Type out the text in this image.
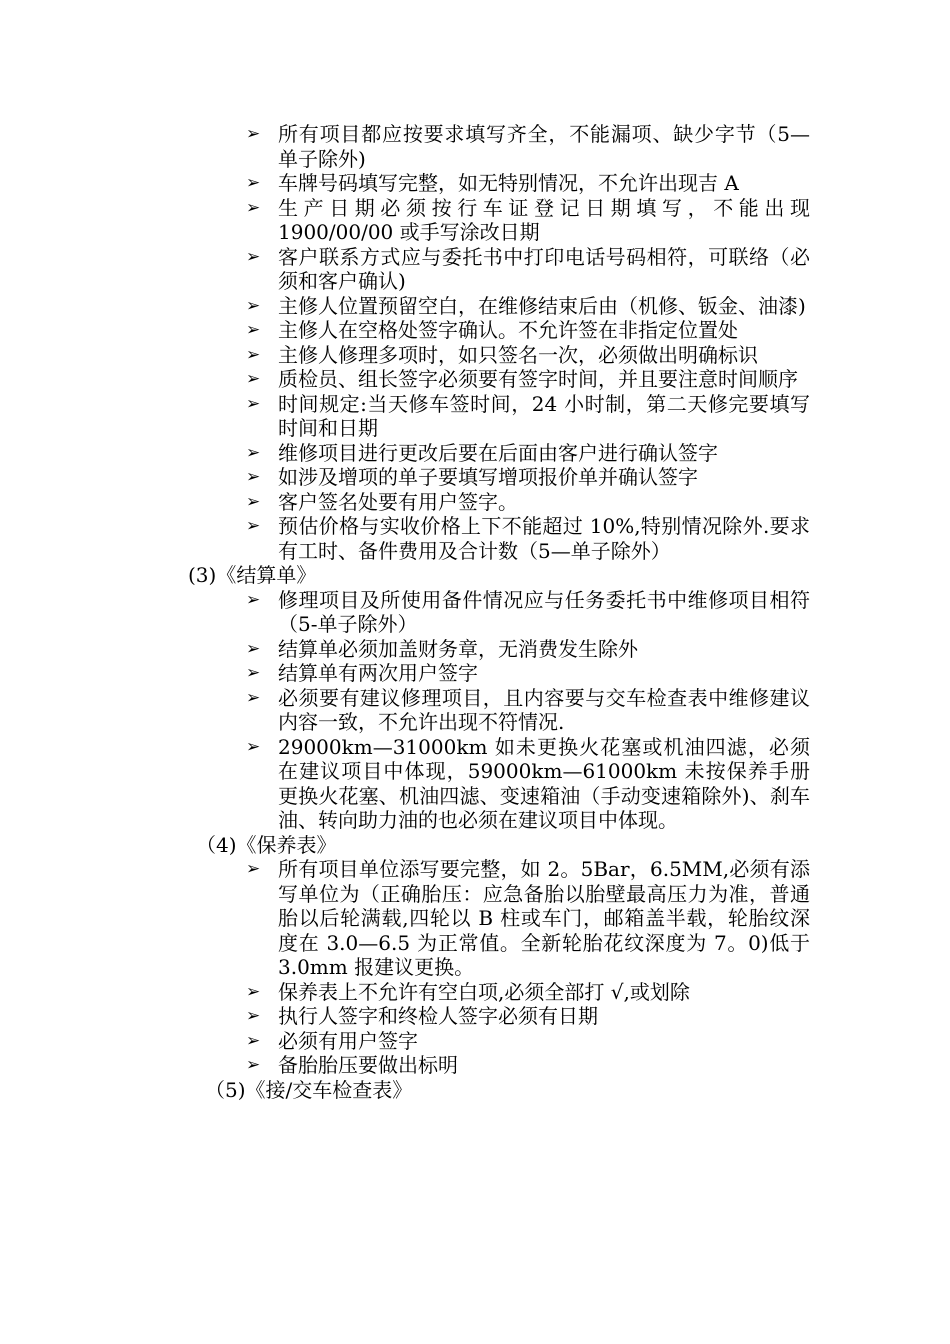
➢ 所有项目都应按要求填写齐全，不能漏项、缺少字节（5—单子除外)
➢ 车牌号码填写完整，如无特别情况，不允许出现吉 A
➢ 生产日期必须按行车证登记日期填写，不能出现 1900/00/00 或手写涂改日期
➢ 客户联系方式应与委托书中打印电话号码相符，可联络（必须和客户确认)
➢ 主修人位置预留空白，在维修结束后由（机修、钣金、油漆)
➢ 主修人在空格处签字确认。不允许签在非指定位置处
➢ 主修人修理多项时，如只签名一次，必须做出明确标识
➢ 质检员、组长签字必须要有签字时间，并且要注意时间顺序
➢ 时间规定:当天修车签时间，24 小时制，第二天修完要填写时间和日期
➢ 维修项目进行更改后要在后面由客户进行确认签字
➢ 如涉及增项的单子要填写增项报价单并确认签字
➢ 客户签名处要有用户签字。
➢ 预估价格与实收价格上下不能超过 10%,特别情况除外.要求有工时、备件费用及合计数（5—单子除外）
(3)《结算单》
➢ 修理项目及所使用备件情况应与任务委托书中维修项目相符（5-单子除外）
➢ 结算单必须加盖财务章，无消费发生除外
➢ 结算单有两次用户签字
➢ 必须要有建议修理项目，且内容要与交车检查表中维修建议内容一致，不允许出现不符情况.
➢ 29000km—31000km 如未更换火花塞或机油四滤，必须在建议项目中体现，59000km—61000km 未按保养手册更换火花塞、机油四滤、变速箱油（手动变速箱除外)、刹车油、转向助力油的也必须在建议项目中体现。
（4)《保养表》
➢ 所有项目单位添写要完整，如 2。5Bar，6.5MM,必须有添写单位为（正确胎压：应急备胎以胎壁最高压力为准，普通胎以后轮满载,四轮以 B 柱或车门，邮箱盖半载，轮胎纹深度在 3.0—6.5 为正常值。全新轮胎花纹深度为 7。0)低于 3.0mm 报建议更换。
➢ 保养表上不允许有空白项,必须全部打 √,或划除
➢ 执行人签字和终检人签字必须有日期
➢ 必须有用户签字
➢ 备胎胎压要做出标明
（5)《接/交车检查表》
